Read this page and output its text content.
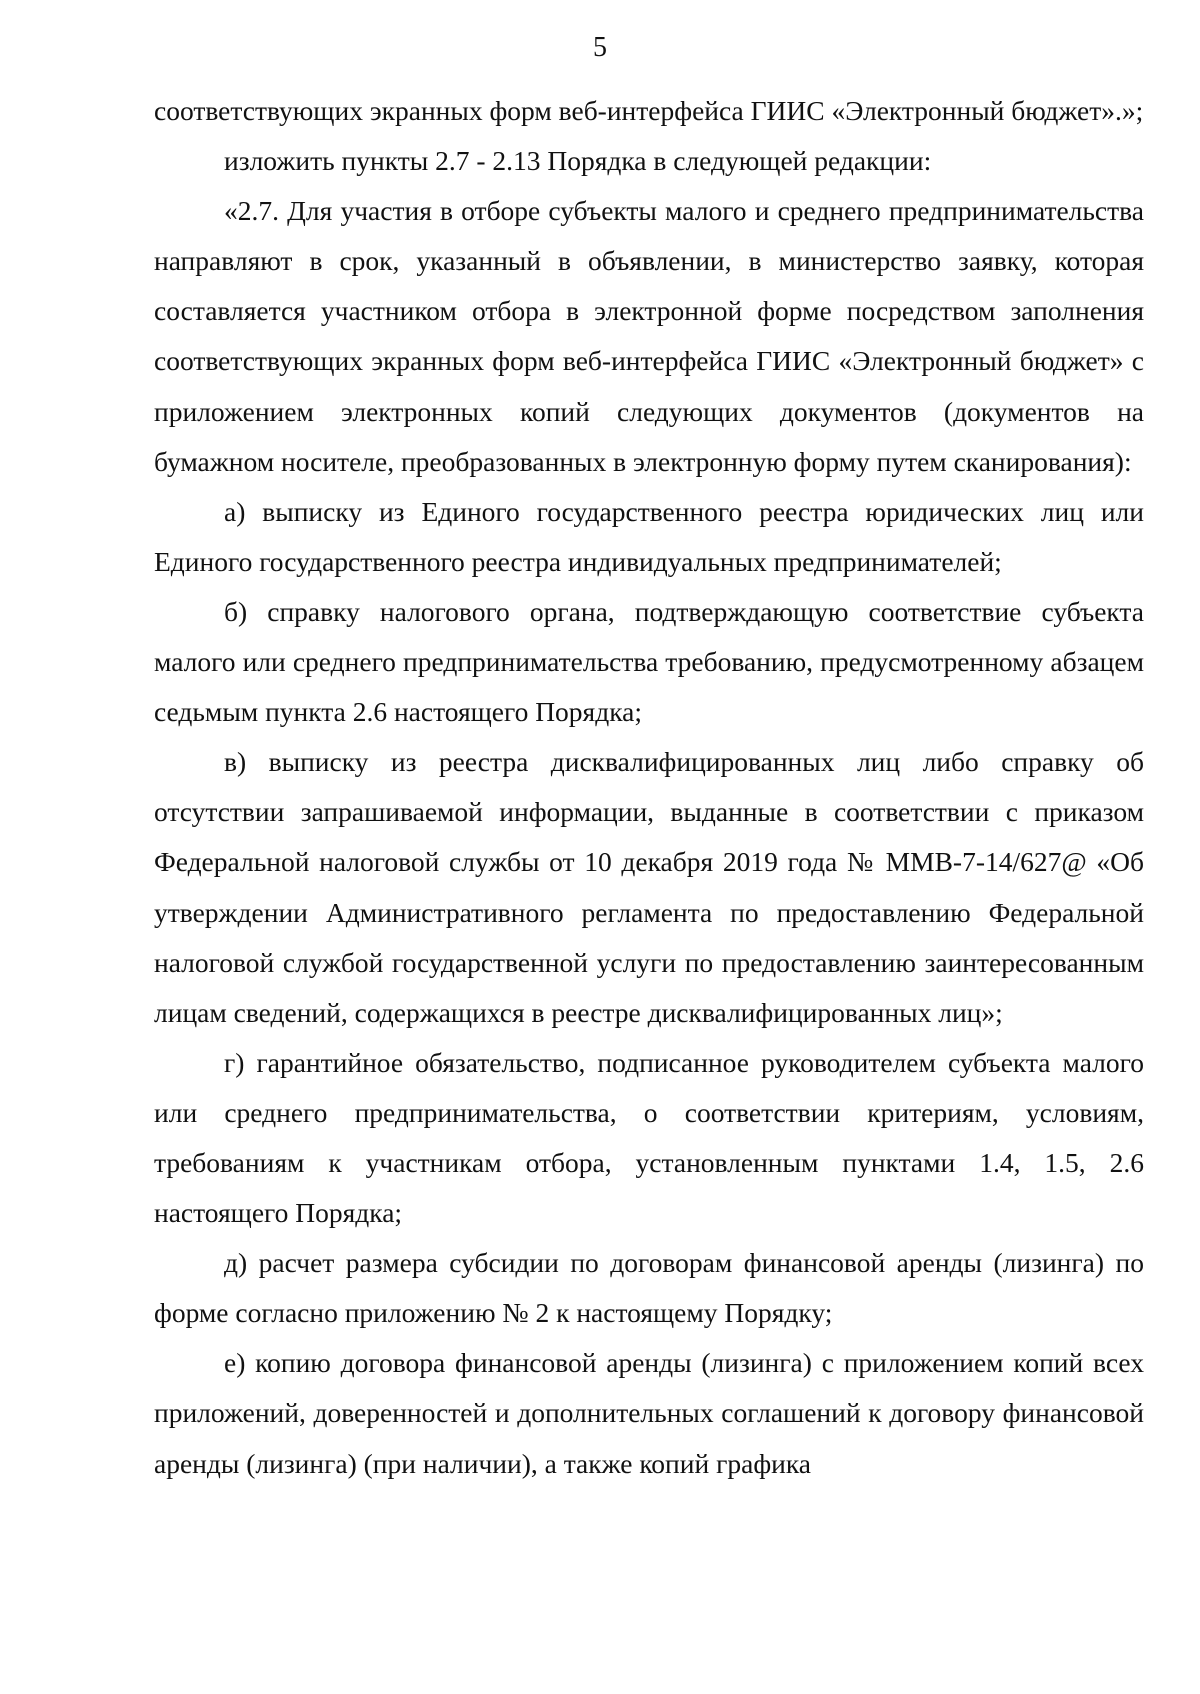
5

соответствующих экранных форм веб-интерфейса ГИИС «Электронный бюджет».»;

изложить пункты 2.7 - 2.13 Порядка в следующей редакции:

«2.7. Для участия в отборе субъекты малого и среднего предпринимательства направляют в срок, указанный в объявлении, в министерство заявку, которая составляется участником отбора в электронной форме посредством заполнения соответствующих экранных форм веб-интерфейса ГИИС «Электронный бюджет» с приложением электронных копий следующих документов (документов на бумажном носителе, преобразованных в электронную форму путем сканирования):

а) выписку из Единого государственного реестра юридических лиц или Единого государственного реестра индивидуальных предпринимателей;

б) справку налогового органа, подтверждающую соответствие субъекта малого или среднего предпринимательства требованию, предусмотренному абзацем седьмым пункта 2.6 настоящего Порядка;

в) выписку из реестра дисквалифицированных лиц либо справку об отсутствии запрашиваемой информации, выданные в соответствии с приказом Федеральной налоговой службы от 10 декабря 2019 года № ММВ-7-14/627@ «Об утверждении Административного регламента по предоставлению Федеральной налоговой службой государственной услуги по предоставлению заинтересованным лицам сведений, содержащихся в реестре дисквалифицированных лиц»;

г) гарантийное обязательство, подписанное руководителем субъекта малого или среднего предпринимательства, о соответствии критериям, условиям, требованиям к участникам отбора, установленным пунктами 1.4, 1.5, 2.6 настоящего Порядка;

д) расчет размера субсидии по договорам финансовой аренды (лизинга) по форме согласно приложению № 2 к настоящему Порядку;

е) копию договора финансовой аренды (лизинга) с приложением копий всех приложений, доверенностей и дополнительных соглашений к договору финансовой аренды (лизинга) (при наличии), а также копий графика
